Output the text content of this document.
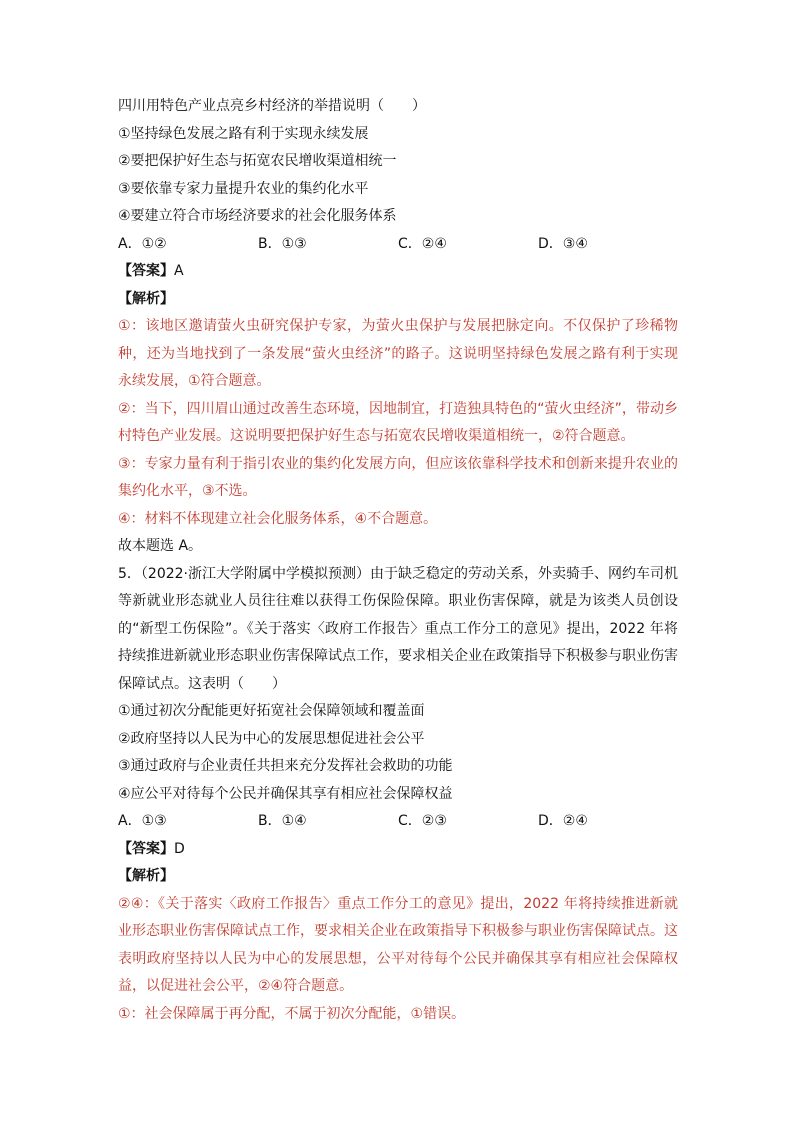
四川用特色产业点亮乡村经济的举措说明（　　）
①坚持绿色发展之路有利于实现永续发展
②要把保护好生态与拓宽农民增收渠道相统一
③要依靠专家力量提升农业的集约化水平
④要建立符合市场经济要求的社会化服务体系
A．①②	B．①③	C．②④	D．③④
【答案】A
【解析】
①：该地区邀请萤火虫研究保护专家，为萤火虫保护与发展把脉定向。不仅保护了珍稀物种，还为当地找到了一条发展“萤火虫经济”的路子。这说明坚持绿色发展之路有利于实现永续发展，①符合题意。
②：当下，四川眉山通过改善生态环境，因地制宜，打造独具特色的“萤火虫经济”，带动乡村特色产业发展。这说明要把保护好生态与拓宽农民增收渠道相统一，②符合题意。
③：专家力量有利于指引农业的集约化发展方向，但应该依靠科学技术和创新来提升农业的集约化水平，③不选。
④：材料不体现建立社会化服务体系，④不合题意。
故本题选 A。
5．（2022·浙江大学附属中学模拟预测）由于缺乏稳定的劳动关系，外卖骑手、网约车司机等新就业形态就业人员往往难以获得工伤保险保障。职业伤害保障，就是为该类人员创设的“新型工伤保险”。《关于落实〈政府工作报告〉重点工作分工的意见》提出，2022 年将持续推进新就业形态职业伤害保障试点工作，要求相关企业在政策指导下积极参与职业伤害保障试点。这表明（　　）
①通过初次分配能更好拓宽社会保障领域和覆盖面
②政府坚持以人民为中心的发展思想促进社会公平
③通过政府与企业责任共担来充分发挥社会救助的功能
④应公平对待每个公民并确保其享有相应社会保障权益
A．①③	B．①④	C．②③	D．②④
【答案】D
【解析】
②④：《关于落实〈政府工作报告〉重点工作分工的意见》提出，2022 年将持续推进新就业形态职业伤害保障试点工作，要求相关企业在政策指导下积极参与职业伤害保障试点。这表明政府坚持以人民为中心的发展思想，公平对待每个公民并确保其享有相应社会保障权益，以促进社会公平，②④符合题意。
①：社会保障属于再分配，不属于初次分配能，①错误。
